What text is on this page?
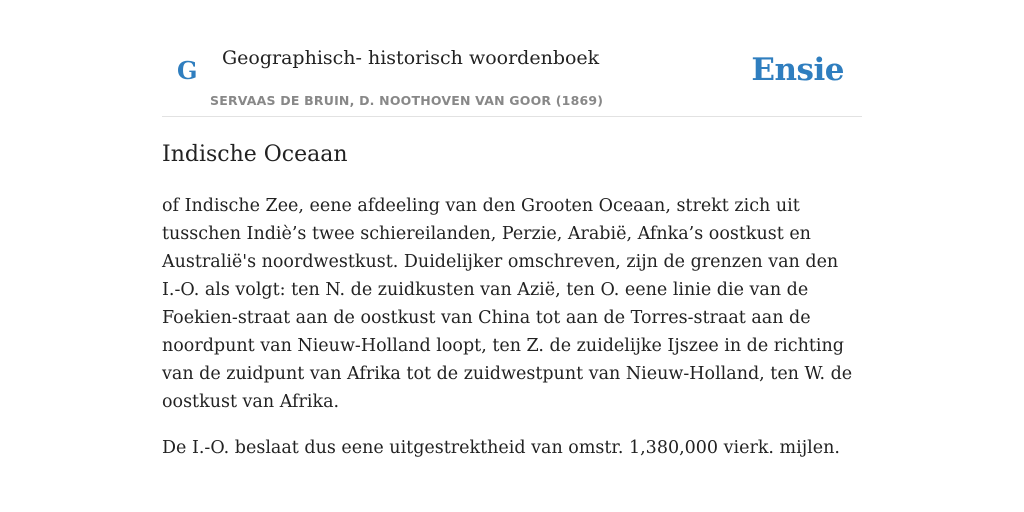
G Geographisch- historisch woordenboek
SERVAAS DE BRUIN, D. NOOTHOVEN VAN GOOR (1869)
Ensie
Indische Oceaan

of Indische Zee, eene afdeeling van den Grooten Oceaan, strekt zich uit tusschen Indiè’s twee schiereilanden, Perzie, Arabië, Afnka’s oostkust en Australië's noordwestkust. Duidelijker omschreven, zijn de grenzen van den I.-O. als volgt: ten N. de zuidkusten van Azië, ten O. eene linie die van de Foekien-straat aan de oostkust van China tot aan de Torres-straat aan de noordpunt van Nieuw-Holland loopt, ten Z. de zuidelijke Ijszee in de richting van de zuidpunt van Afrika tot de zuidwestpunt van Nieuw-Holland, ten W. de oostkust van Afrika.

De I.-O. beslaat dus eene uitgestrektheid van omstr. 1,380,000 vierk. mijlen.
